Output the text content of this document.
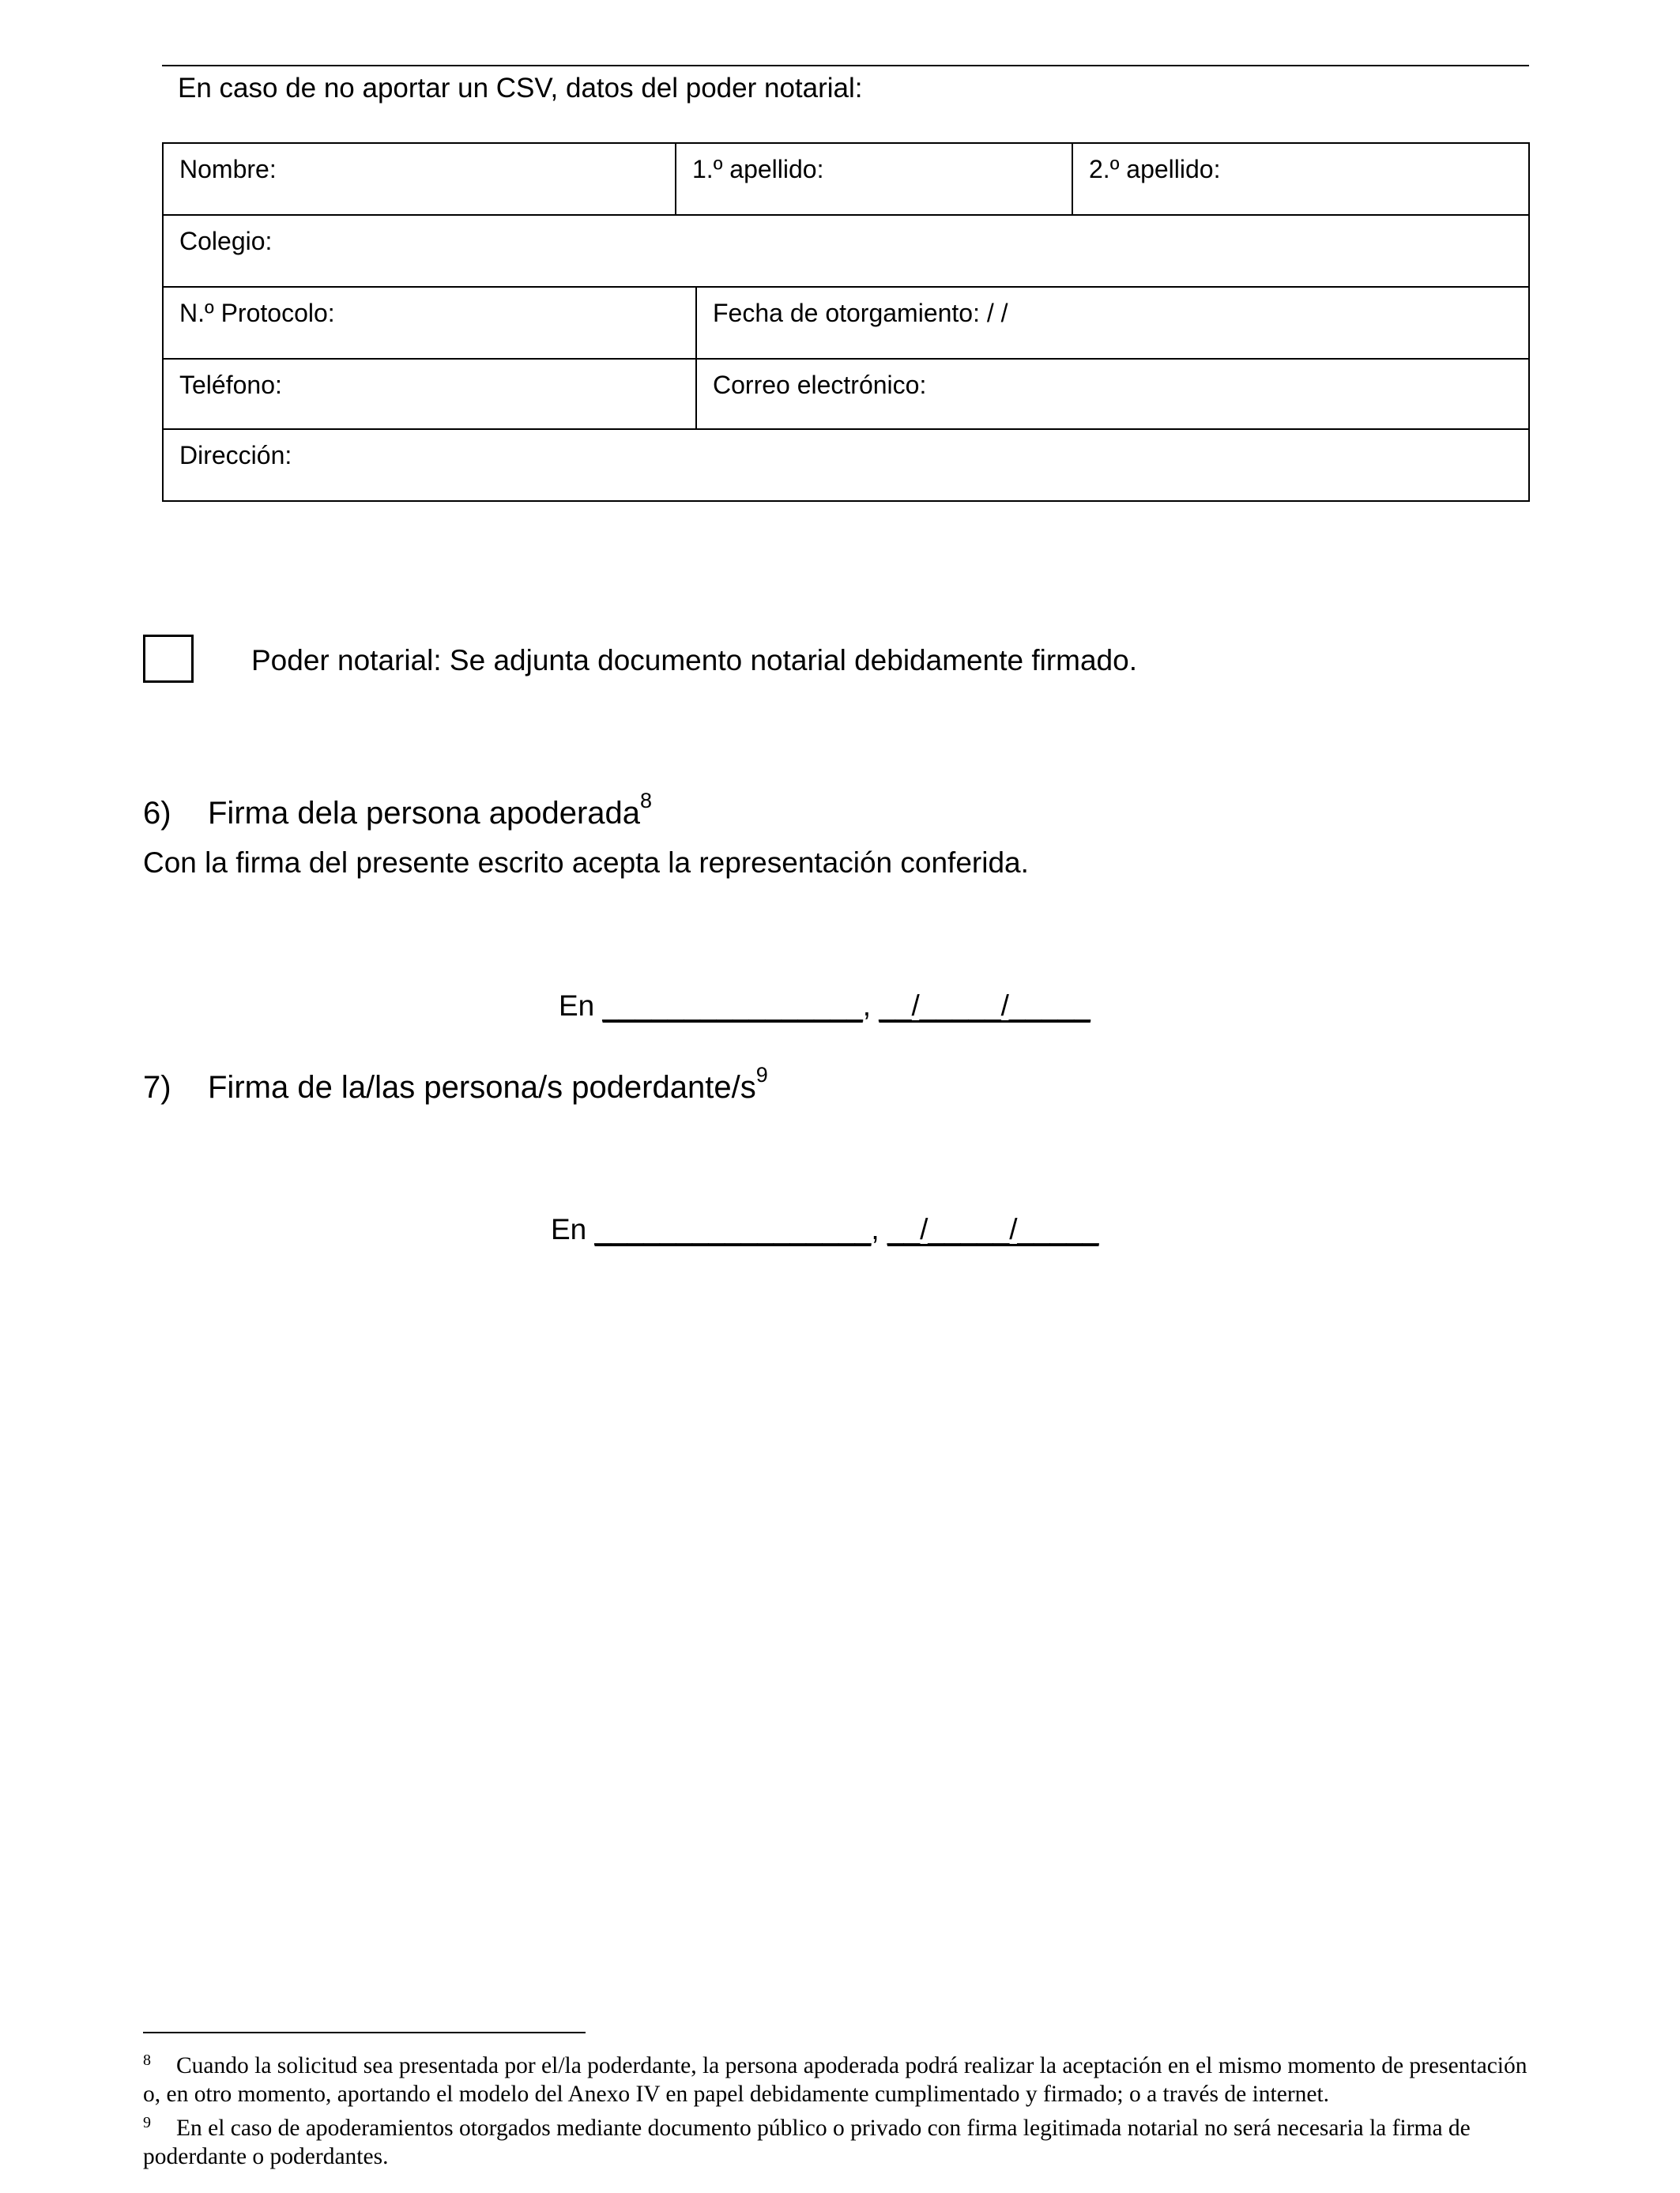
En caso de no aportar un CSV, datos del poder notarial:
Nombre:	1.º apellido:	2.º apellido:
Colegio:
N.º Protocolo:	Fecha de otorgamiento: / /
Teléfono:	Correo electrónico:
Dirección:
Poder notarial: Se adjunta documento notarial debidamente firmado.
6) Firma dela persona apoderada$^8$
Con la firma del presente escrito acepta la representación conferida.
En ________________, __/_____/_____
7) Firma de la/las persona/s poderdante/$s^9$
En _________________, __/_____/_____

8 Cuando la solicitud sea presentada por el/la poderdante, la persona apoderada podrá realizar la aceptación en el mismo momento de presentación o, en otro momento, aportando el modelo del Anexo IV en papel debidamente cumplimentado y firmado; o a través de internet.

9 En el caso de apoderamientos otorgados mediante documento público o privado con firma legitimada notarial no será necesaria la firma de poderdante o poderdantes.
